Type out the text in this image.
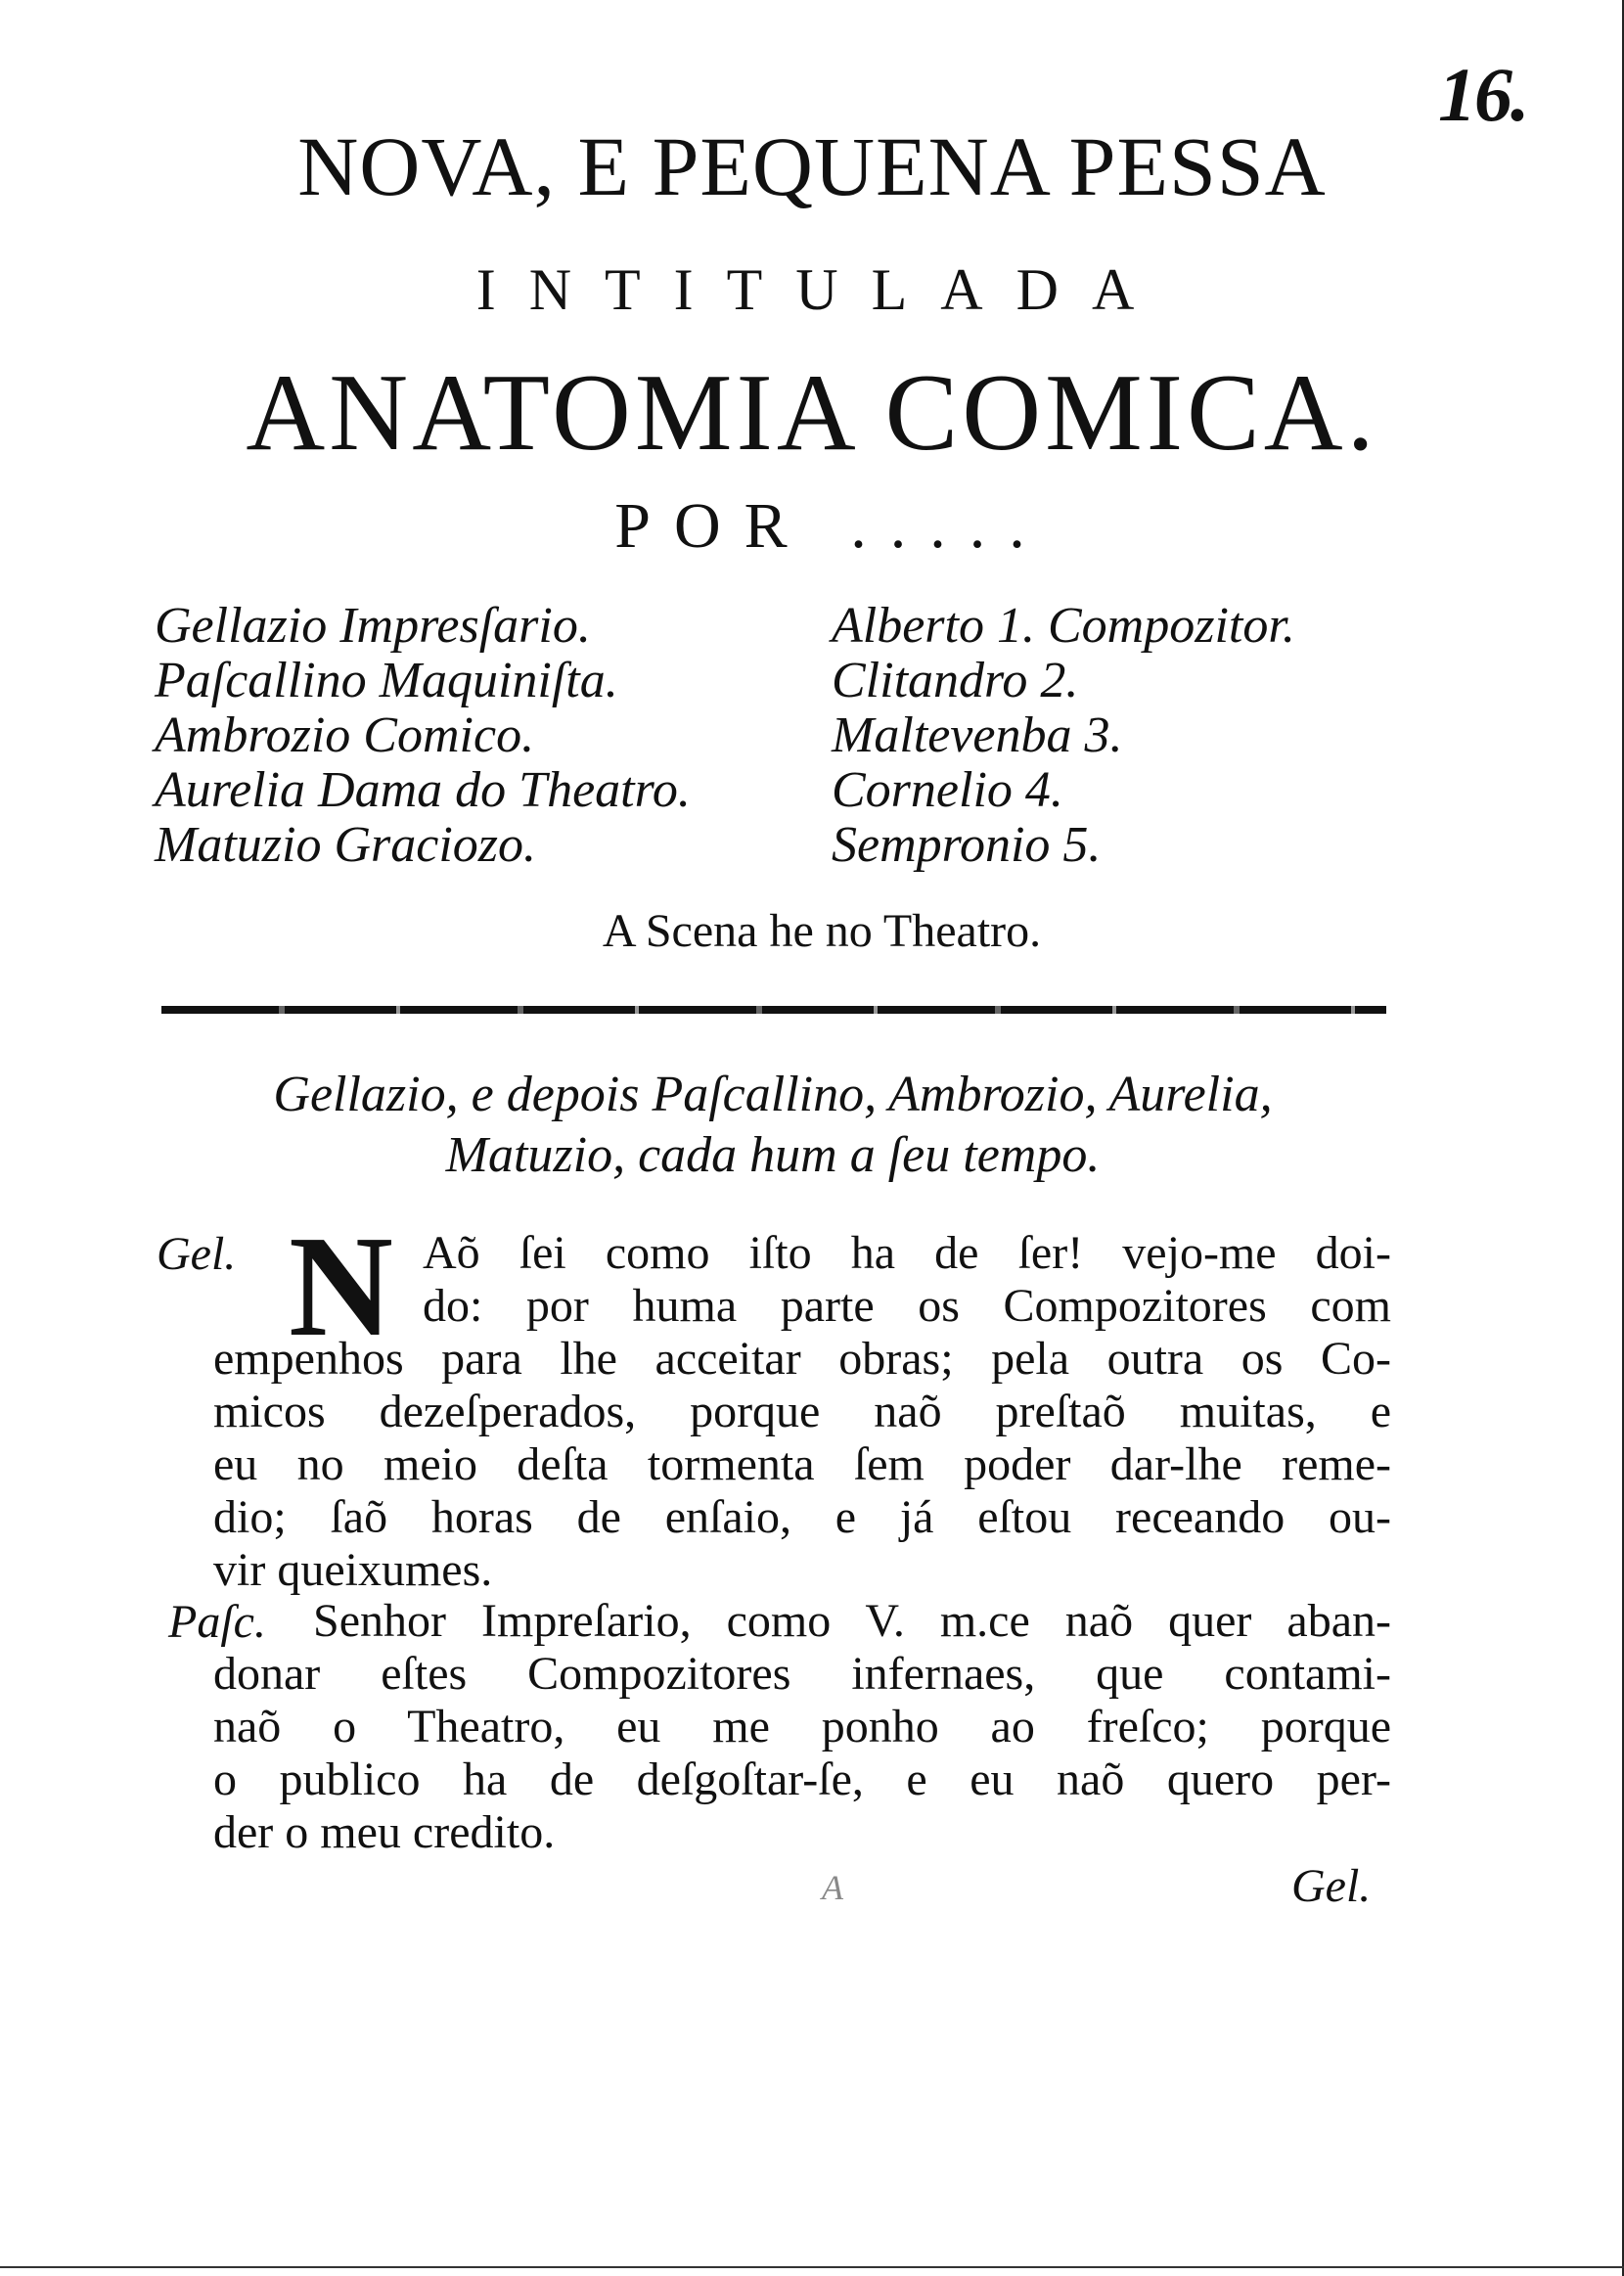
16.
NOVA, E PEQUENA PESSA
INTITULADA
ANATOMIA COMICA.
POR .....
Gellazio Impresſario.
Paſcallino Maquiniſta.
Ambrozio Comico.
Aurelia Dama do Theatro.
Matuzio Graciozo.
Alberto 1. Compozitor.
Clitandro 2.
Maltevenba 3.
Cornelio 4.
Sempronio 5.
A Scena he no Theatro.
Gellazio, e depois Paſcallino, Ambrozio, Aurelia,
Matuzio, cada hum a ſeu tempo.
Gel. N Aõ ſei como iſto ha de ſer! vejo-me doi-
do: por huma parte os Compozitores com
empenhos para lhe acceitar obras; pela outra os Co-
micos dezeſperados, porque naõ preſtaõ muitas, e
eu no meio deſta tormenta ſem poder dar-lhe reme-
dio; ſaõ horas de enſaio, e já eſtou receando ou-
vir queixumes.
Paſc. Senhor Impreſario, como V. m.ce naõ quer aban-
donar eſtes Compozitores infernaes, que contami-
naõ o Theatro, eu me ponho ao freſco; porque
o publico ha de deſgoſtar-ſe, e eu naõ quero per-
der o meu credito.
A	Gel.
